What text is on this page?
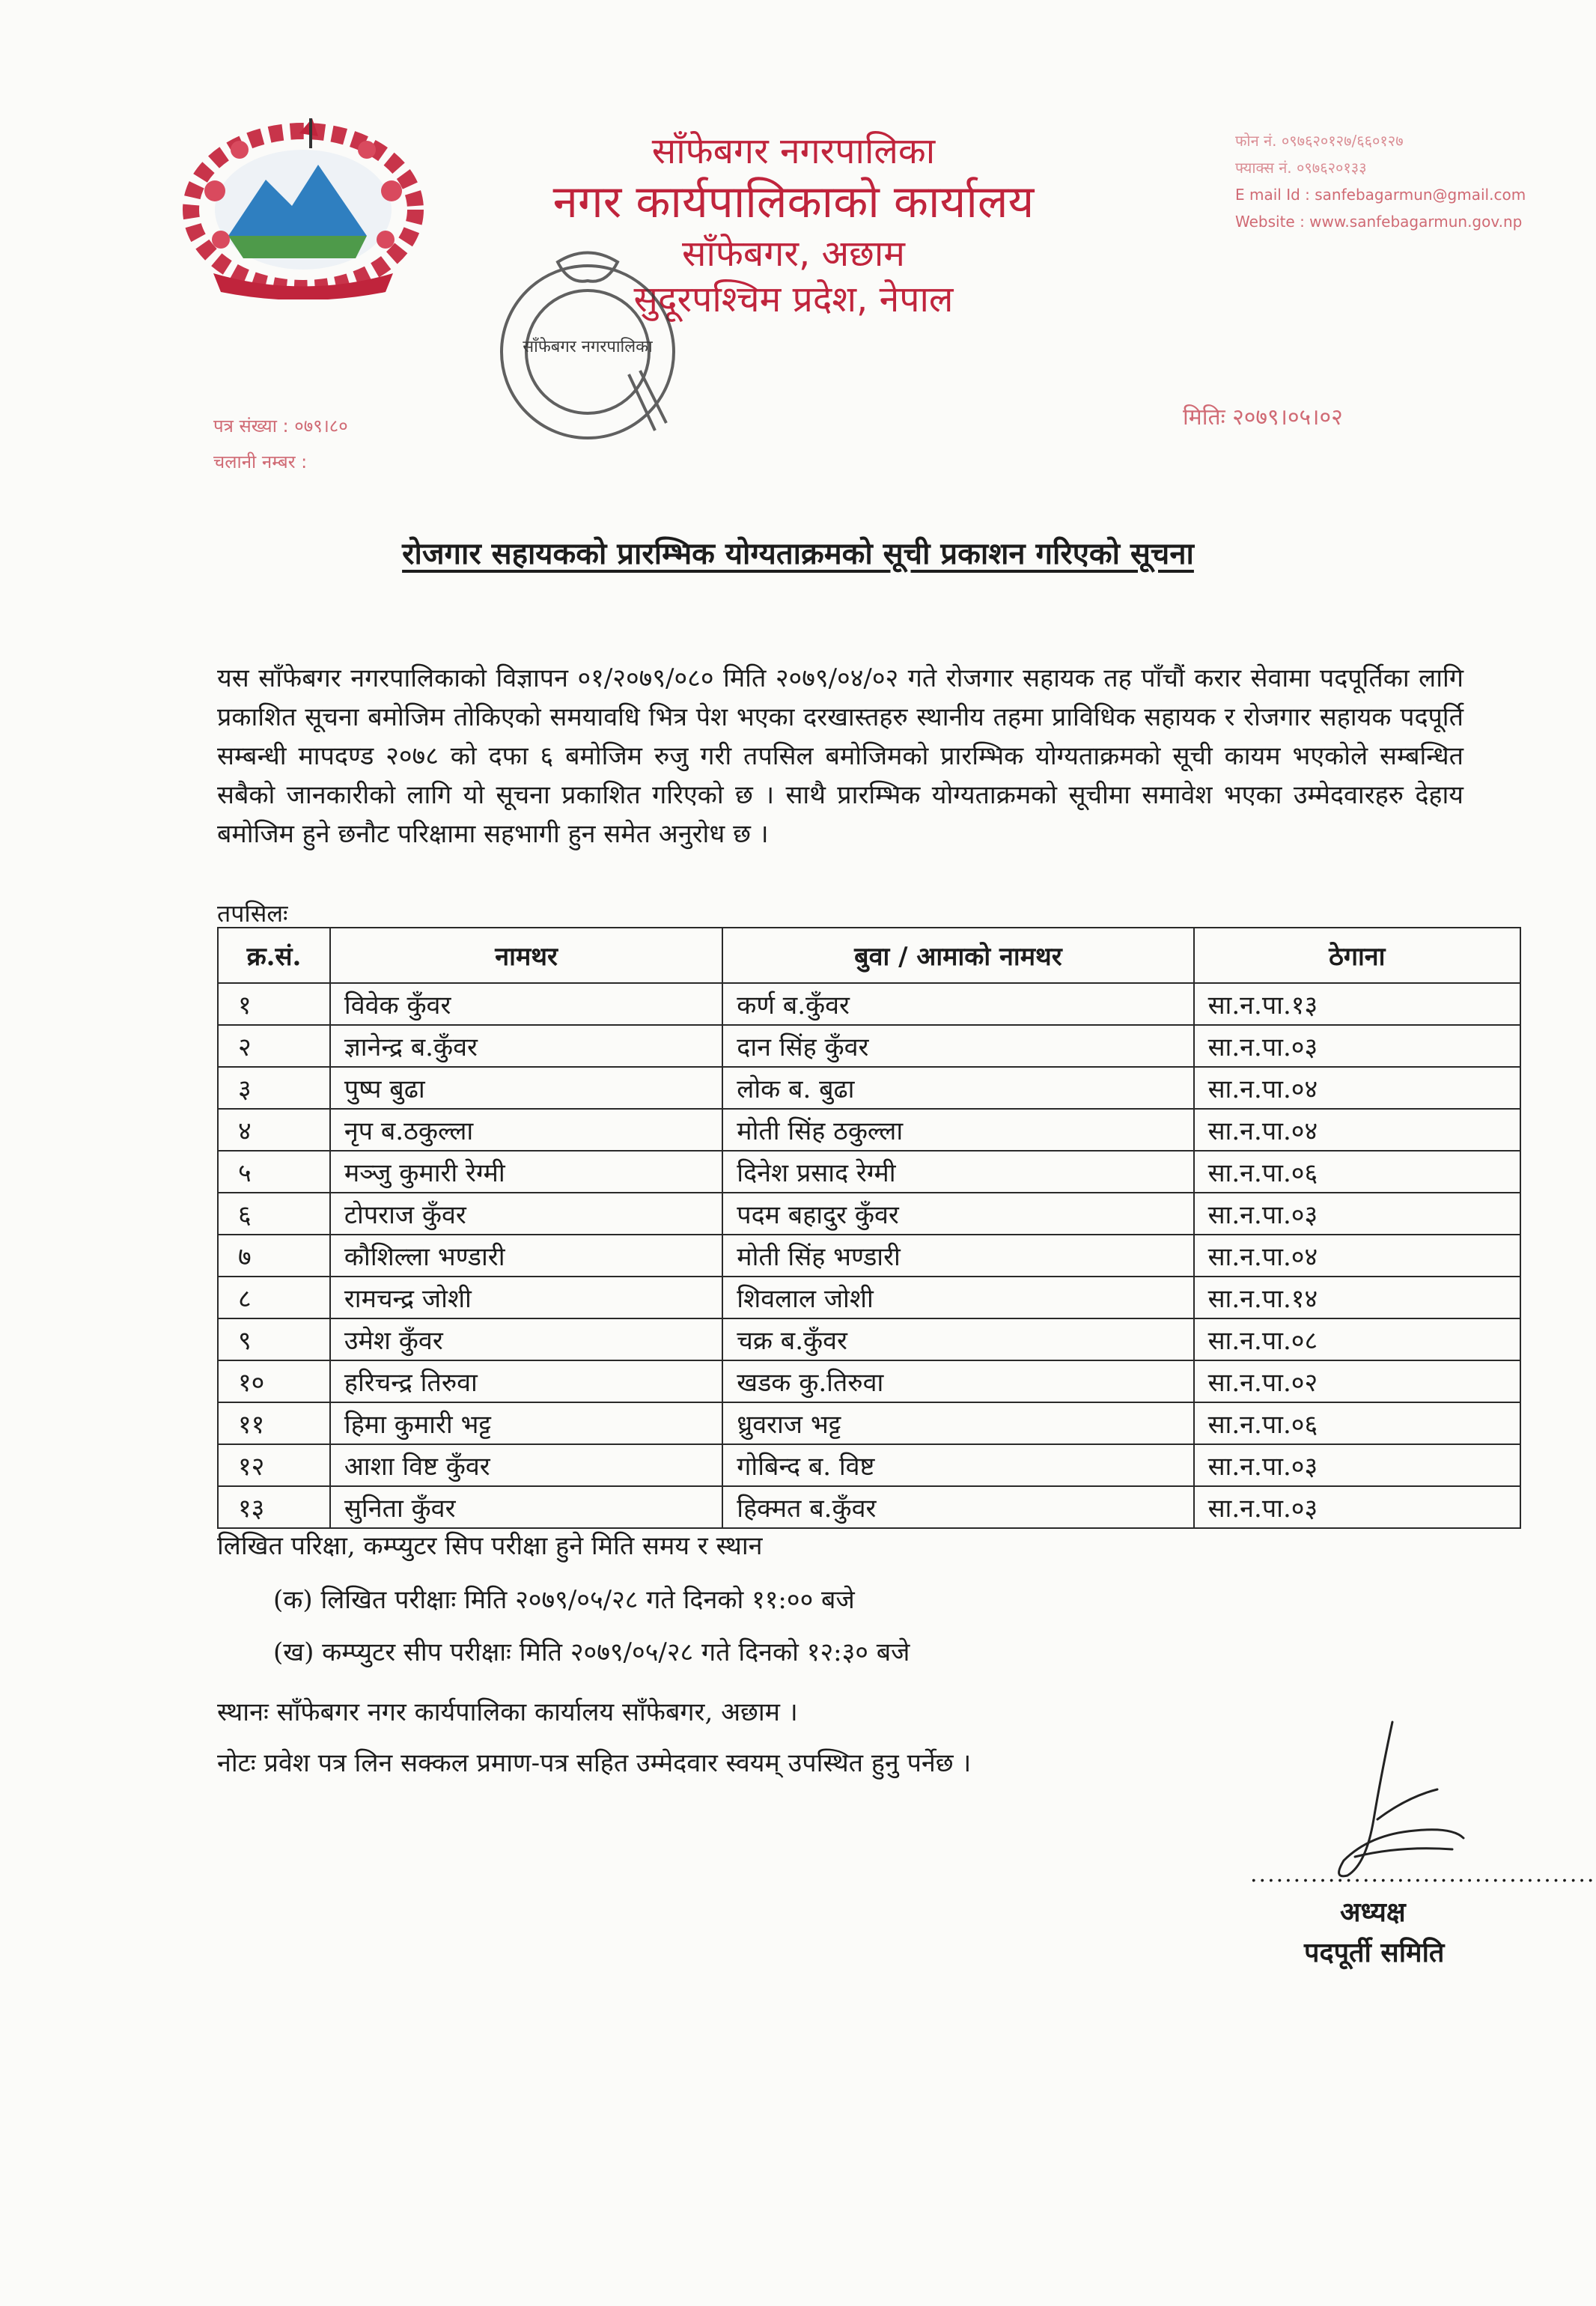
साँफेबगर नगरपालिका
नगर कार्यपालिकाको कार्यालय
साँफेबगर, अछाम
सुदूरपश्चिम प्रदेश, नेपाल
फोन नं. ०९७६२०१२७/६६०१२७
फ्याक्स नं. ०९७६२०१३३
E mail Id : sanfebagarmun@gmail.com
Website : www.sanfebagarmun.gov.np
साँफेबगर नगरपालिका
पत्र संख्या : ०७९।८०
चलानी नम्बर :
मितिः २०७९।०५।०२
रोजगार सहायकको प्रारम्भिक योग्यताक्रमको सूची प्रकाशन गरिएको सूचना
यस साँफेबगर नगरपालिकाको विज्ञापन ०१/२०७९/०८० मिति २०७९/०४/०२ गते रोजगार सहायक तह पाँचौं करार सेवामा पदपूर्तिका लागि प्रकाशित सूचना बमोजिम तोकिएको समयावधि भित्र पेश भएका दरखास्तहरु स्थानीय तहमा प्राविधिक सहायक र रोजगार सहायक पदपूर्ति सम्बन्धी मापदण्ड २०७८ को दफा ६ बमोजिम रुजु गरी तपसिल बमोजिमको प्रारम्भिक योग्यताक्रमको सूची कायम भएकोले सम्बन्धित सबैको जानकारीको लागि यो सूचना प्रकाशित गरिएको छ । साथै प्रारम्भिक योग्यताक्रमको सूचीमा समावेश भएका उम्मेदवारहरु देहाय बमोजिम हुने छनौट परिक्षामा सहभागी हुन समेत अनुरोध छ ।
तपसिलः
क्र.सं.	नामथर	बुवा / आमाको नामथर	ठेगाना
१	विवेक कुँवर	कर्ण ब.कुँवर	सा.न.पा.१३
२	ज्ञानेन्द्र ब.कुँवर	दान सिंह कुँवर	सा.न.पा.०३
३	पुष्प बुढा	लोक ब. बुढा	सा.न.पा.०४
४	नृप ब.ठकुल्ला	मोती सिंह ठकुल्ला	सा.न.पा.०४
५	मञ्जु कुमारी रेग्मी	दिनेश प्रसाद रेग्मी	सा.न.पा.०६
६	टोपराज कुँवर	पदम बहादुर कुँवर	सा.न.पा.०३
७	कौशिल्ला भण्डारी	मोती सिंह भण्डारी	सा.न.पा.०४
८	रामचन्द्र जोशी	शिवलाल जोशी	सा.न.पा.१४
९	उमेश कुँवर	चक्र ब.कुँवर	सा.न.पा.०८
१०	हरिचन्द्र तिरुवा	खडक कु.तिरुवा	सा.न.पा.०२
११	हिमा कुमारी भट्ट	ध्रुवराज भट्ट	सा.न.पा.०६
१२	आशा विष्ट कुँवर	गोबिन्द ब. विष्ट	सा.न.पा.०३
१३	सुनिता कुँवर	हिक्मत ब.कुँवर	सा.न.पा.०३
लिखित परिक्षा, कम्प्युटर सिप परीक्षा हुने मिति समय र स्थान
(क) लिखित परीक्षाः मिति २०७९/०५/२८ गते दिनको ११:०० बजे
(ख) कम्प्युटर सीप परीक्षाः मिति २०७९/०५/२८ गते दिनको १२:३० बजे
स्थानः साँफेबगर नगर कार्यपालिका कार्यालय साँफेबगर, अछाम ।
नोटः प्रवेश पत्र लिन सक्कल प्रमाण-पत्र सहित उम्मेदवार स्वयम् उपस्थित हुनु पर्नेछ ।
........................................
अध्यक्ष
पदपूर्ती समिति
